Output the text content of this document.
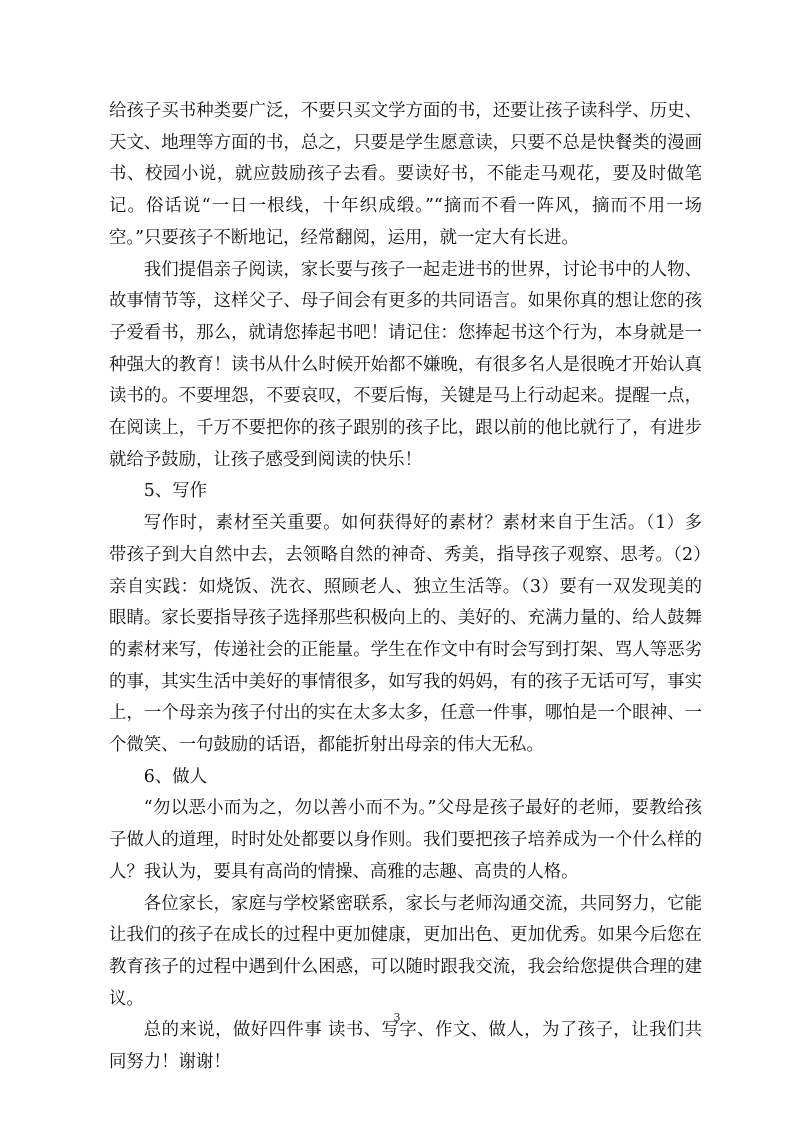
给孩子买书种类要广泛，不要只买文学方面的书，还要让孩子读科学、历史、天文、地理等方面的书，总之，只要是学生愿意读，只要不总是快餐类的漫画书、校园小说，就应鼓励孩子去看。要读好书，不能走马观花，要及时做笔记。俗话说“一日一根线，十年织成缎。”“摘而不看一阵风，摘而不用一场空。”只要孩子不断地记，经常翻阅，运用，就一定大有长进。

我们提倡亲子阅读，家长要与孩子一起走进书的世界，讨论书中的人物、故事情节等，这样父子、母子间会有更多的共同语言。如果你真的想让您的孩子爱看书，那么，就请您捧起书吧！请记住：您捧起书这个行为，本身就是一种强大的教育！读书从什么时候开始都不嫌晚，有很多名人是很晚才开始认真读书的。不要埋怨，不要哀叹，不要后悔，关键是马上行动起来。提醒一点，在阅读上，千万不要把你的孩子跟别的孩子比，跟以前的他比就行了，有进步就给予鼓励，让孩子感受到阅读的快乐！

5、写作

写作时，素材至关重要。如何获得好的素材？素材来自于生活。（1）多带孩子到大自然中去，去领略自然的神奇、秀美，指导孩子观察、思考。（2）亲自实践：如烧饭、洗衣、照顾老人、独立生活等。（3）要有一双发现美的眼睛。家长要指导孩子选择那些积极向上的、美好的、充满力量的、给人鼓舞的素材来写，传递社会的正能量。学生在作文中有时会写到打架、骂人等恶劣的事，其实生活中美好的事情很多，如写我的妈妈，有的孩子无话可写，事实上，一个母亲为孩子付出的实在太多太多，任意一件事，哪怕是一个眼神、一个微笑、一句鼓励的话语，都能折射出母亲的伟大无私。

6、做人

“勿以恶小而为之，勿以善小而不为。”父母是孩子最好的老师，要教给孩子做人的道理，时时处处都要以身作则。我们要把孩子培养成为一个什么样的人？我认为，要具有高尚的情操、高雅的志趣、高贵的人格。

各位家长，家庭与学校紧密联系，家长与老师沟通交流，共同努力，它能让我们的孩子在成长的过程中更加健康，更加出色、更加优秀。如果今后您在教育孩子的过程中遇到什么困惑，可以随时跟我交流，我会给您提供合理的建议。

总的来说，做好四件事 读书、写字、作文、做人，为了孩子，让我们共同努力！谢谢！

3
